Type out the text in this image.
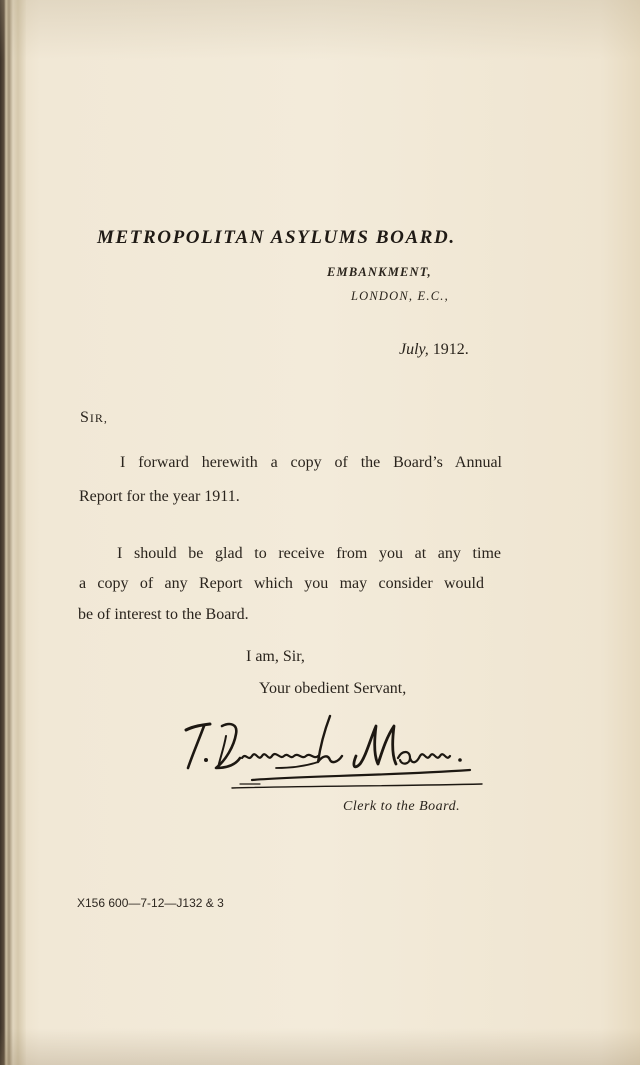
METROPOLITAN ASYLUMS BOARD.
EMBANKMENT,
LONDON, E.C.,
July, 1912.
SIR,
I forward herewith a copy of the Board’s Annual
Report for the year 1911.
I should be glad to receive from you at any time
a copy of any Report which you may consider would
be of interest to the Board.
I am, Sir,
Your obedient Servant,
Clerk to the Board.
X156 600—7-12—J132 & 3
